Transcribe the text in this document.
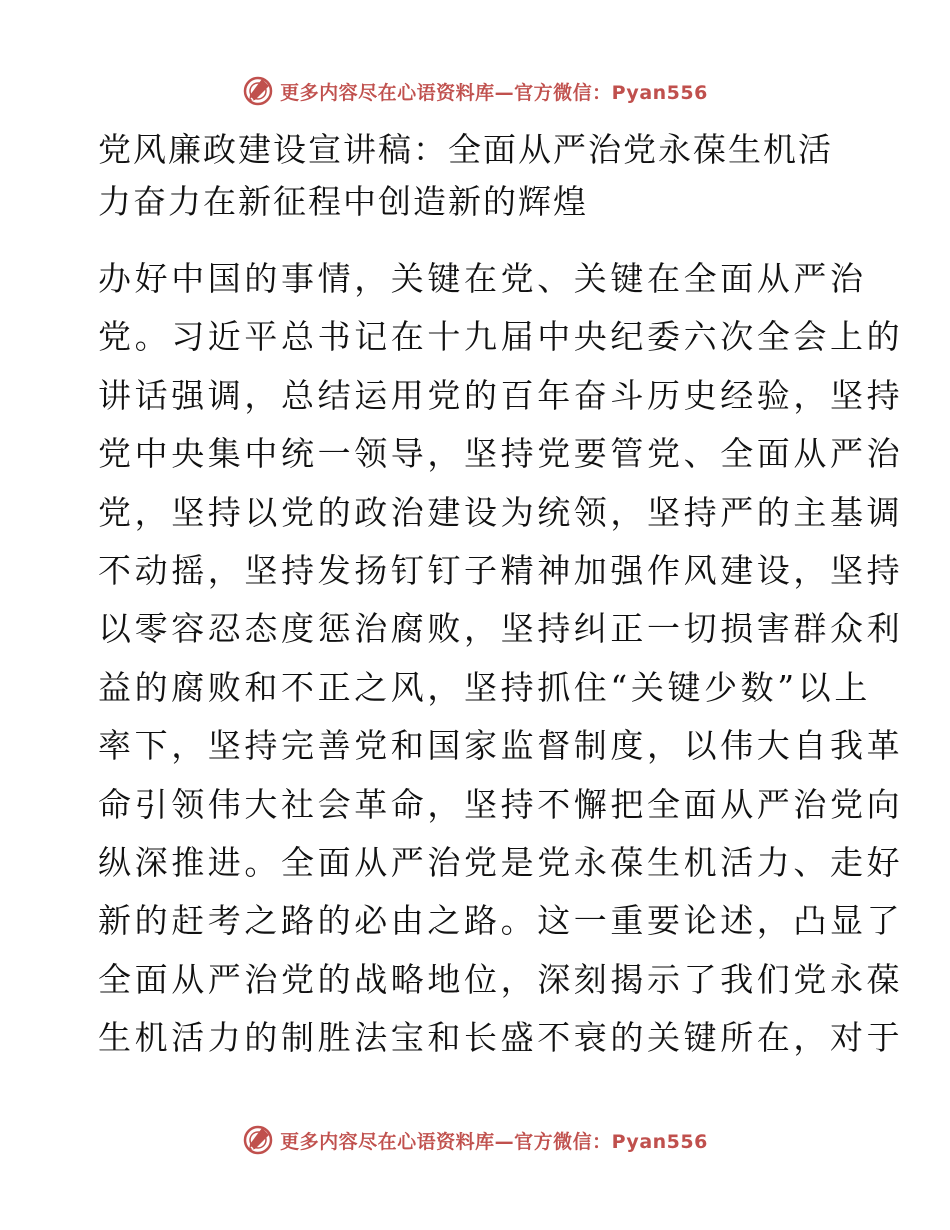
更多内容尽在心语资料库—官方微信：Pyan556
党风廉政建设宣讲稿：全面从严治党永葆生机活
力奋力在新征程中创造新的辉煌
办好中国的事情，关键在党、关键在全面从严治
党。习近平总书记在十九届中央纪委六次全会上的
讲话强调，总结运用党的百年奋斗历史经验，坚持
党中央集中统一领导，坚持党要管党、全面从严治
党，坚持以党的政治建设为统领，坚持严的主基调
不动摇，坚持发扬钉钉子精神加强作风建设，坚持
以零容忍态度惩治腐败，坚持纠正一切损害群众利
益的腐败和不正之风，坚持抓住“关键少数”以上
率下，坚持完善党和国家监督制度，以伟大自我革
命引领伟大社会革命，坚持不懈把全面从严治党向
纵深推进。全面从严治党是党永葆生机活力、走好
新的赶考之路的必由之路。这一重要论述，凸显了
全面从严治党的战略地位，深刻揭示了我们党永葆
生机活力的制胜法宝和长盛不衰的关键所在，对于
更多内容尽在心语资料库—官方微信：Pyan556
